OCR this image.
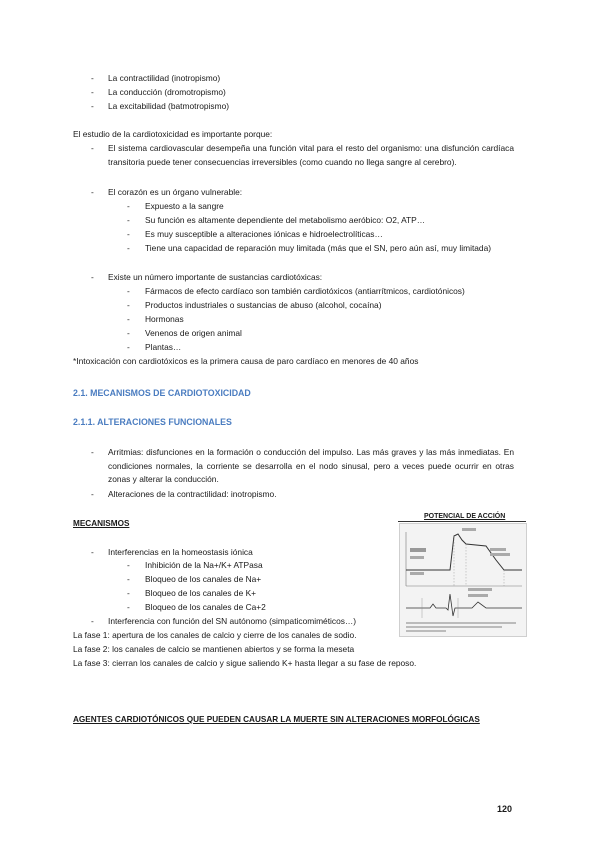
- La contractilidad (inotropismo)
- La conducción (dromotropismo)
- La excitabilidad (batmotropismo)
El estudio de la cardiotoxicidad es importante porque:
- El sistema cardiovascular desempeña una función vital para el resto del organismo: una disfunción cardíaca transitoria puede tener consecuencias irreversibles (como cuando no llega sangre al cerebro).
- El corazón es un órgano vulnerable:
- Expuesto a la sangre
- Su función es altamente dependiente del metabolismo aeróbico: O2, ATP…
- Es muy susceptible a alteraciones iónicas e hidroelectrolíticas…
- Tiene una capacidad de reparación muy limitada (más que el SN, pero aún así, muy limitada)
- Existe un número importante de sustancias cardiotóxicas:
- Fármacos de efecto cardíaco son también cardiotóxicos (antiarrítmicos, cardiotónicos)
- Productos industriales o sustancias de abuso (alcohol, cocaína)
- Hormonas
- Venenos de origen animal
- Plantas…
*Intoxicación con cardiotóxicos es la primera causa de paro cardíaco en menores de 40 años
2.1. MECANISMOS DE CARDIOTOXICIDAD
2.1.1. ALTERACIONES FUNCIONALES
- Arritmias: disfunciones en la formación o conducción del impulso. Las más graves y las más inmediatas. En condiciones normales, la corriente se desarrolla en el nodo sinusal, pero a veces puede ocurrir en otras zonas y alterar la conducción.
- Alteraciones de la contractilidad: inotropismo.
MECANISMOS
- Interferencias en la homeostasis iónica
- Inhibición de la Na+/K+ ATPasa
- Bloqueo de los canales de Na+
- Bloqueo de los canales de K+
- Bloqueo de los canales de Ca+2
- Interferencia con función del SN autónomo (simpaticomiméticos…)
POTENCIAL DE ACCIÓN
La fase 1: apertura de los canales de calcio y cierre de los canales de sodio.
La fase 2: los canales de calcio se mantienen abiertos y se forma la meseta
La fase 3: cierran los canales de calcio y sigue saliendo K+ hasta llegar a su fase de reposo.
AGENTES CARDIOTÓNICOS QUE PUEDEN CAUSAR LA MUERTE SIN ALTERACIONES MORFOLÓGICAS
120
